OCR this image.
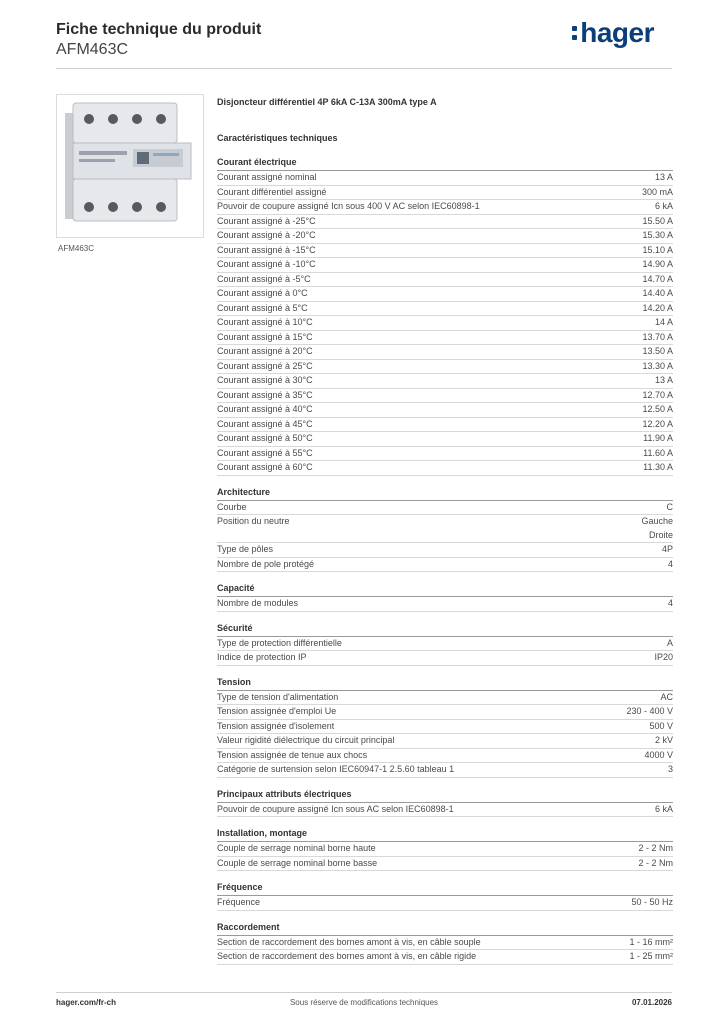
Fiche technique du produit
AFM463C
hager
AFM463C
Disjoncteur différentiel 4P 6kA C-13A 300mA type A
Caractéristiques techniques
Courant électrique
Courant assigné nominal	13 A
Courant différentiel assigné	300 mA
Pouvoir de coupure assigné Icn sous 400 V AC selon IEC60898-1	6 kA
Courant assigné à -25°C	15.50 A
Courant assigné à -20°C	15.30 A
Courant assigné à -15°C	15.10 A
Courant assigné à -10°C	14.90 A
Courant assigné à -5°C	14.70 A
Courant assigné à 0°C	14.40 A
Courant assigné à 5°C	14.20 A
Courant assigné à 10°C	14 A
Courant assigné à 15°C	13.70 A
Courant assigné à 20°C	13.50 A
Courant assigné à 25°C	13.30 A
Courant assigné à 30°C	13 A
Courant assigné à 35°C	12.70 A
Courant assigné à 40°C	12.50 A
Courant assigné à 45°C	12.20 A
Courant assigné à 50°C	11.90 A
Courant assigné à 55°C	11.60 A
Courant assigné à 60°C	11.30 A
Architecture
Courbe	C
Position du neutre	Gauche
Droite
Type de pôles	4P
Nombre de pole protégé	4
Capacité
Nombre de modules	4
Sécurité
Type de protection différentielle	A
Indice de protection IP	IP20
Tension
Type de tension d'alimentation	AC
Tension assignée d'emploi Ue	230 - 400 V
Tension assignée d'isolement	500 V
Valeur rigidité diélectrique du circuit principal	2 kV
Tension assignée de tenue aux chocs	4000 V
Catégorie de surtension selon IEC60947-1 2.5.60 tableau 1	3
Principaux attributs électriques
Pouvoir de coupure assigné Icn sous AC selon IEC60898-1	6 kA
Installation, montage
Couple de serrage nominal borne haute	2 - 2 Nm
Couple de serrage nominal borne basse	2 - 2 Nm
Fréquence
Fréquence	50 - 50 Hz
Raccordement
Section de raccordement des bornes amont à vis, en câble souple	1 - 16 mm²
Section de raccordement des bornes amont à vis, en câble rigide	1 - 25 mm²
hager.com/fr-ch	Sous réserve de modifications techniques	07.01.2026
